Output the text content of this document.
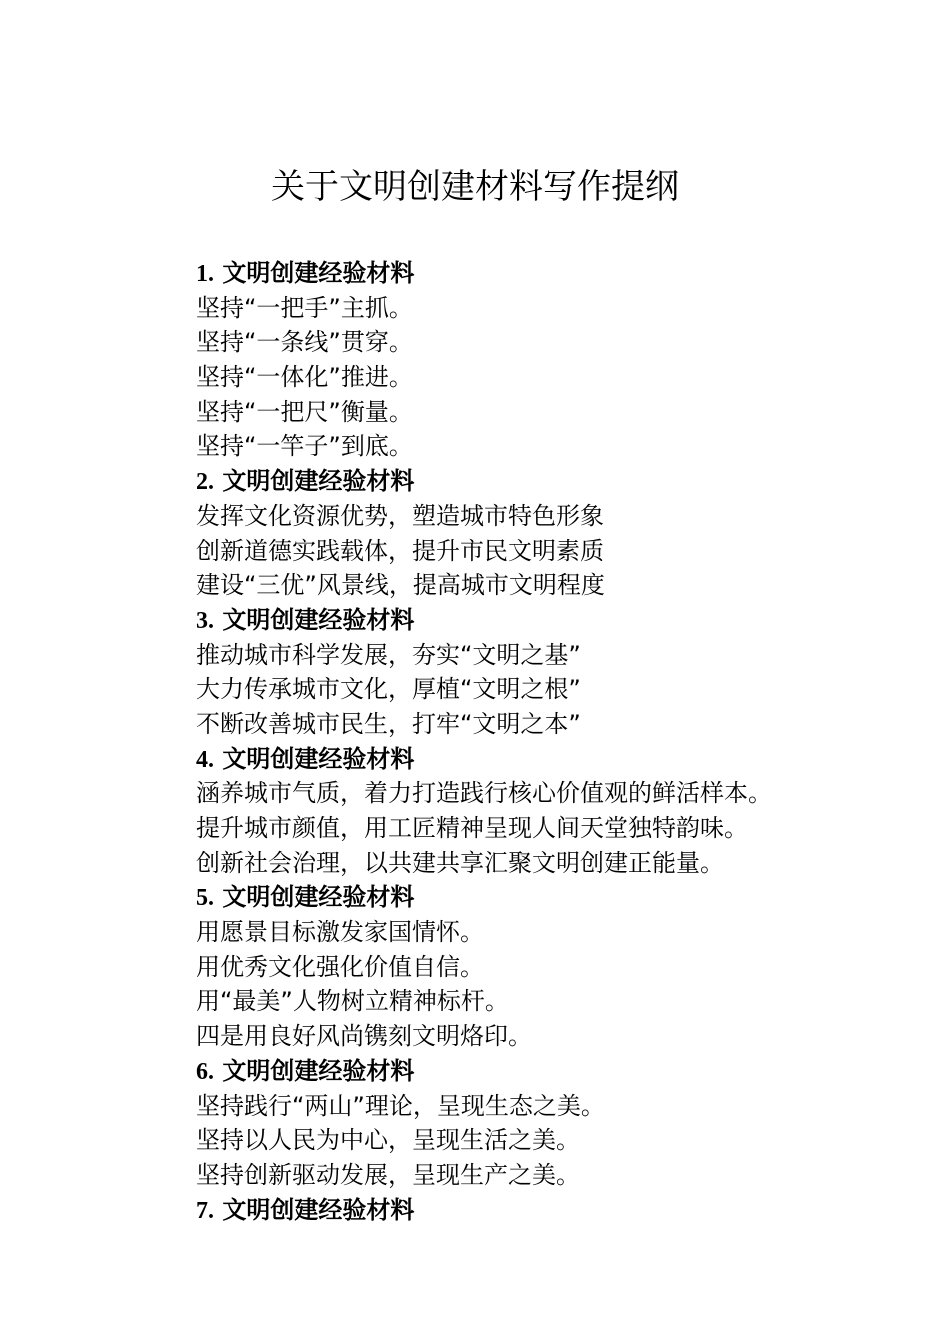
关于文明创建材料写作提纲
1. 文明创建经验材料
坚持“一把手”主抓。
坚持“一条线”贯穿。
坚持“一体化”推进。
坚持“一把尺”衡量。
坚持“一竿子”到底。
2. 文明创建经验材料
发挥文化资源优势，塑造城市特色形象
创新道德实践载体，提升市民文明素质
建设“三优”风景线，提高城市文明程度
3. 文明创建经验材料
推动城市科学发展，夯实“文明之基”
大力传承城市文化，厚植“文明之根”
不断改善城市民生，打牢“文明之本”
4. 文明创建经验材料
涵养城市气质，着力打造践行核心价值观的鲜活样本。
提升城市颜值，用工匠精神呈现人间天堂独特韵味。
创新社会治理，以共建共享汇聚文明创建正能量。
5. 文明创建经验材料
用愿景目标激发家国情怀。
用优秀文化强化价值自信。
用“最美”人物树立精神标杆。
四是用良好风尚镌刻文明烙印。
6. 文明创建经验材料
坚持践行“两山”理论，呈现生态之美。
坚持以人民为中心，呈现生活之美。
坚持创新驱动发展，呈现生产之美。
7. 文明创建经验材料
